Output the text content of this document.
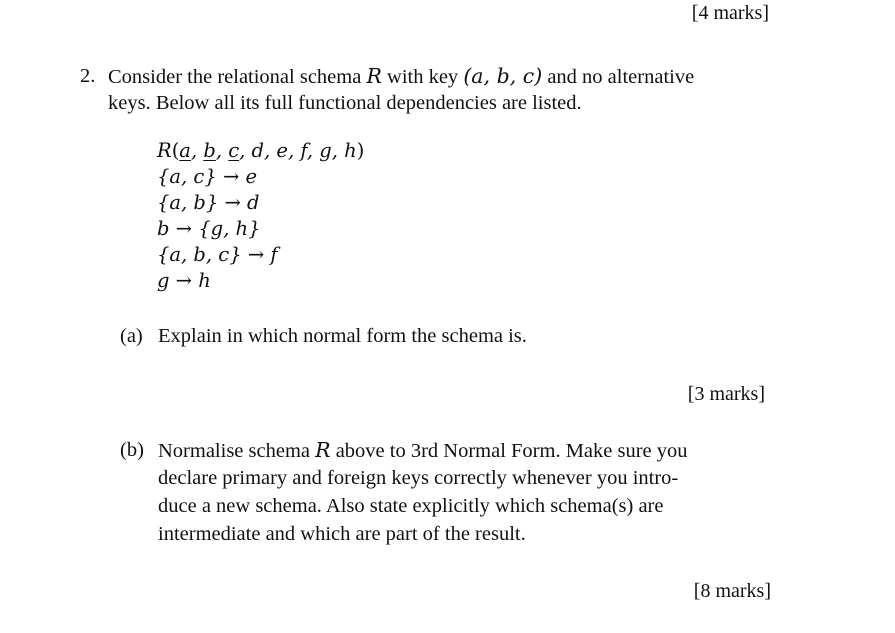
[4 marks]
2. Consider the relational schema R with key (a, b, c) and no alternative
keys. Below all its full functional dependencies are listed.
R(a, b, c, d, e, f, g, h)
{a, c} → e
{a, b} → d
b → {g, h}
{a, b, c} → f
g → h
(a) Explain in which normal form the schema is.
[3 marks]
(b) Normalise schema R above to 3rd Normal Form. Make sure you
declare primary and foreign keys correctly whenever you intro-
duce a new schema. Also state explicitly which schema(s) are
intermediate and which are part of the result.
[8 marks]
